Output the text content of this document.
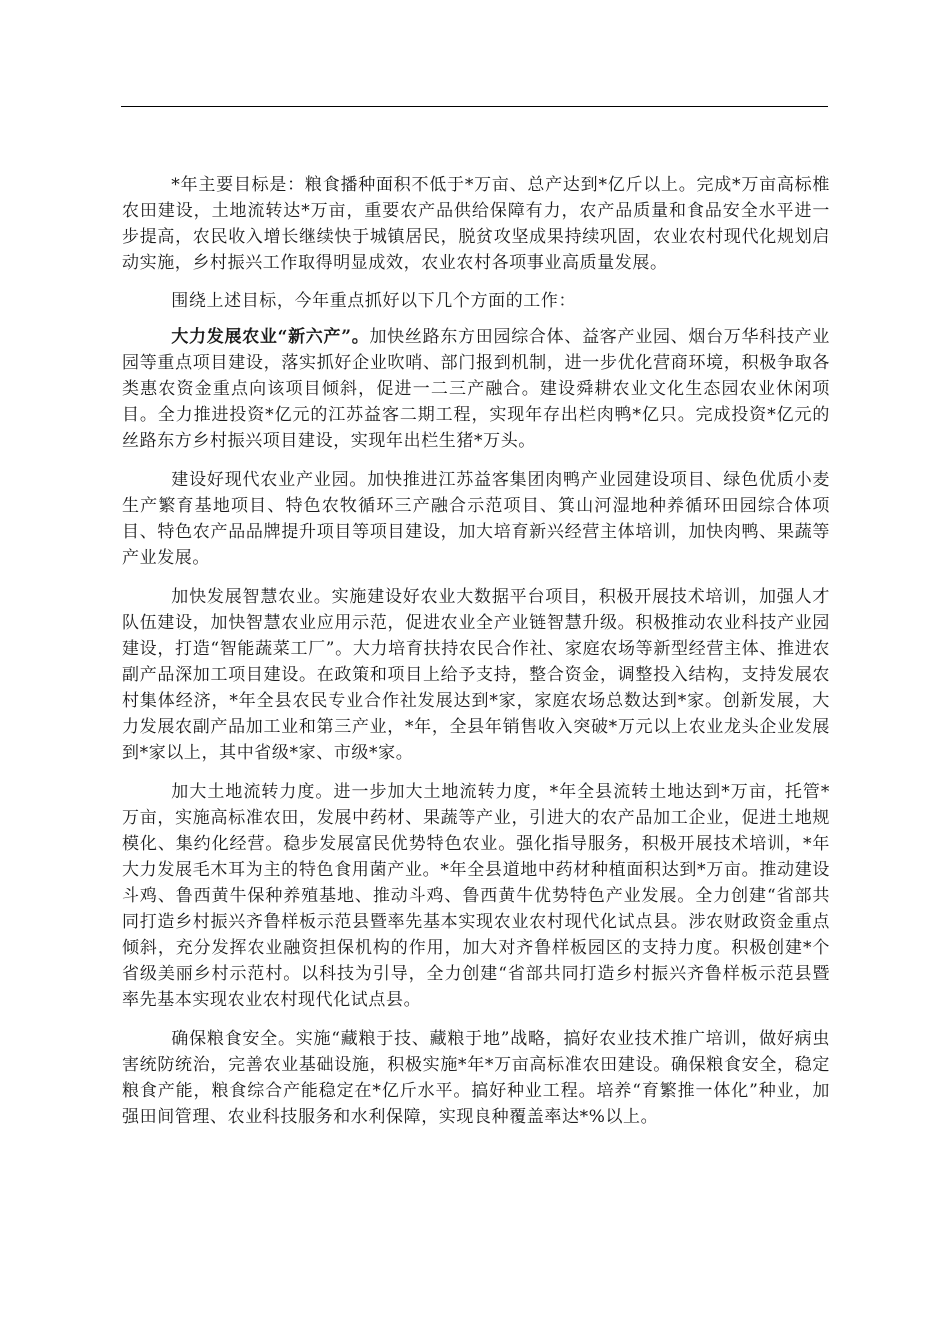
*年主要目标是：粮食播种面积不低于*万亩、总产达到*亿斤以上。完成*万亩高标椎农田建设，土地流转达*万亩，重要农产品供给保障有力，农产品质量和食品安全水平进一步提高，农民收入增长继续快于城镇居民，脱贫攻坚成果持续巩固，农业农村现代化规划启动实施，乡村振兴工作取得明显成效，农业农村各项事业高质量发展。

围绕上述目标，今年重点抓好以下几个方面的工作：

大力发展农业“新六产”。加快丝路东方田园综合体、益客产业园、烟台万华科技产业园等重点项目建设，落实抓好企业吹哨、部门报到机制，进一步优化营商环境，积极争取各类惠农资金重点向该项目倾斜，促进一二三产融合。建设舜耕农业文化生态园农业休闲项目。全力推进投资*亿元的江苏益客二期工程，实现年存出栏肉鸭*亿只。完成投资*亿元的丝路东方乡村振兴项目建设，实现年出栏生猪*万头。

建设好现代农业产业园。加快推进江苏益客集团肉鸭产业园建设项目、绿色优质小麦生产繁育基地项目、特色农牧循环三产融合示范项目、箕山河湿地种养循环田园综合体项目、特色农产品品牌提升项目等项目建设，加大培育新兴经营主体培训，加快肉鸭、果蔬等产业发展。

加快发展智慧农业。实施建设好农业大数据平台项目，积极开展技术培训，加强人才队伍建设，加快智慧农业应用示范，促进农业全产业链智慧升级。积极推动农业科技产业园建设，打造“智能蔬菜工厂”。大力培育扶持农民合作社、家庭农场等新型经营主体、推进农副产品深加工项目建设。在政策和项目上给予支持，整合资金，调整投入结构，支持发展农村集体经济，*年全县农民专业合作社发展达到*家，家庭农场总数达到*家。创新发展，大力发展农副产品加工业和第三产业，*年，全县年销售收入突破*万元以上农业龙头企业发展到*家以上，其中省级*家、市级*家。

加大土地流转力度。进一步加大土地流转力度，*年全县流转土地达到*万亩，托管*万亩，实施高标准农田，发展中药材、果蔬等产业，引进大的农产品加工企业，促进土地规模化、集约化经营。稳步发展富民优势特色农业。强化指导服务，积极开展技术培训，*年大力发展毛木耳为主的特色食用菌产业。*年全县道地中药材种植面积达到*万亩。推动建设斗鸡、鲁西黄牛保种养殖基地、推动斗鸡、鲁西黄牛优势特色产业发展。全力创建“省部共同打造乡村振兴齐鲁样板示范县暨率先基本实现农业农村现代化试点县。涉农财政资金重点倾斜，充分发挥农业融资担保机构的作用，加大对齐鲁样板园区的支持力度。积极创建*个省级美丽乡村示范村。以科技为引导，全力创建“省部共同打造乡村振兴齐鲁样板示范县暨率先基本实现农业农村现代化试点县。

确保粮食安全。实施“藏粮于技、藏粮于地”战略，搞好农业技术推广培训，做好病虫害统防统治，完善农业基础设施，积极实施*年*万亩高标准农田建设。确保粮食安全，稳定粮食产能，粮食综合产能稳定在*亿斤水平。搞好种业工程。培养“育繁推一体化”种业，加强田间管理、农业科技服务和水利保障，实现良种覆盖率达*%以上。
